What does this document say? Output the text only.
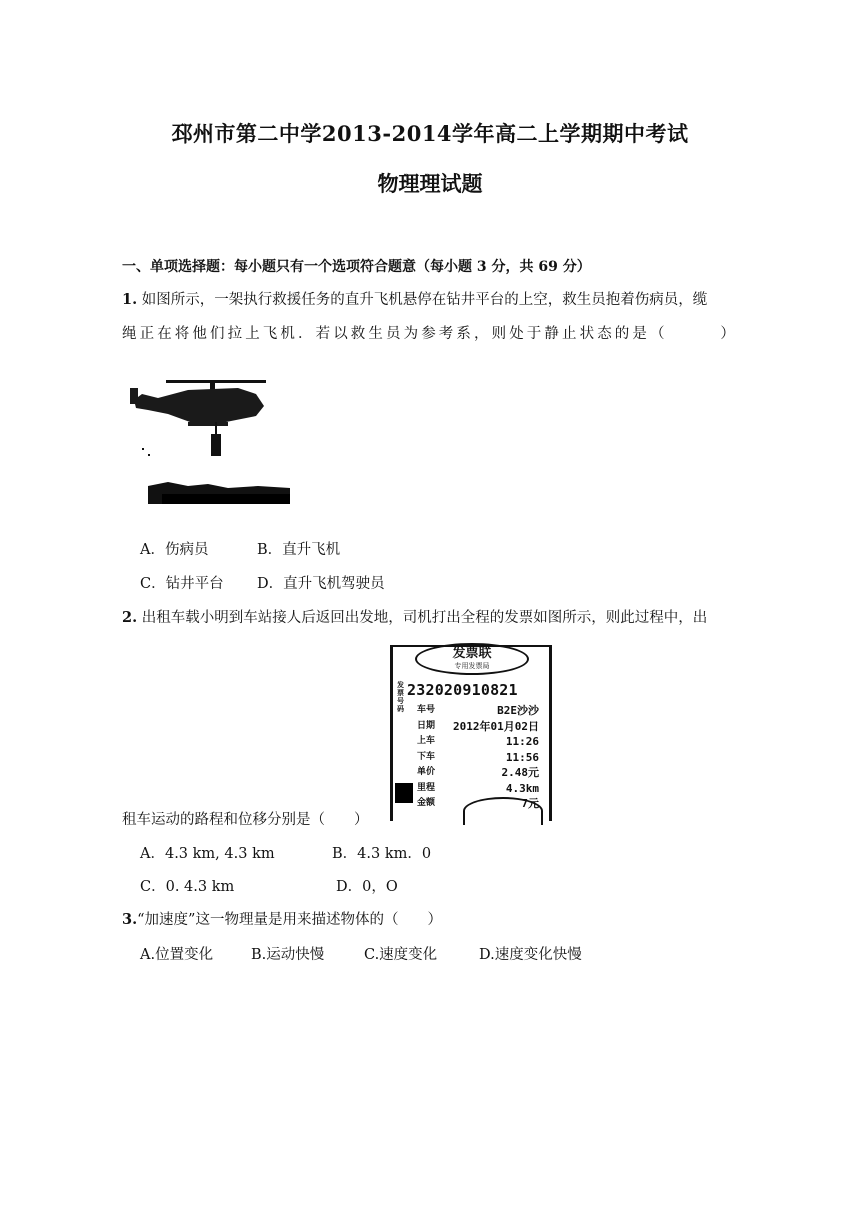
邳州市第二中学2013-2014学年高二上学期期中考试
物理理试题
一、单项选择题：每小题只有一个选项符合题意（每小题 3 分，共 69 分）
1. 如图所示，一架执行救援任务的直升飞机悬停在钻井平台的上空，救生员抱着伤病员，缆
绳正在将他们拉上飞机．若以救生员为参考系，则处于静止状态的是（　　　）
A．伤病员	B．直升飞机
C．钻井平台 D．直升飞机驾驶员
2. 出租车载小明到车站接人后返回出发地，司机打出全程的发票如图所示，则此过程中，出
发票联
专用发票局
发票号码
232020910821
车号	B2E沙沙
日期 2012年01月02日
上车	11:26
下车	11:56
单价	2.48元
里程	4.3km
金额	7元
租车运动的路程和位移分别是（　　）
A．4.3 km, 4.3 km	B．4.3 km．0
C．0. 4.3 km	D．0，O
3.“加速度”这一物理量是用来描述物体的（　　）
A.位置变化	B.运动快慢	C.速度变化	D.速度变化快慢
